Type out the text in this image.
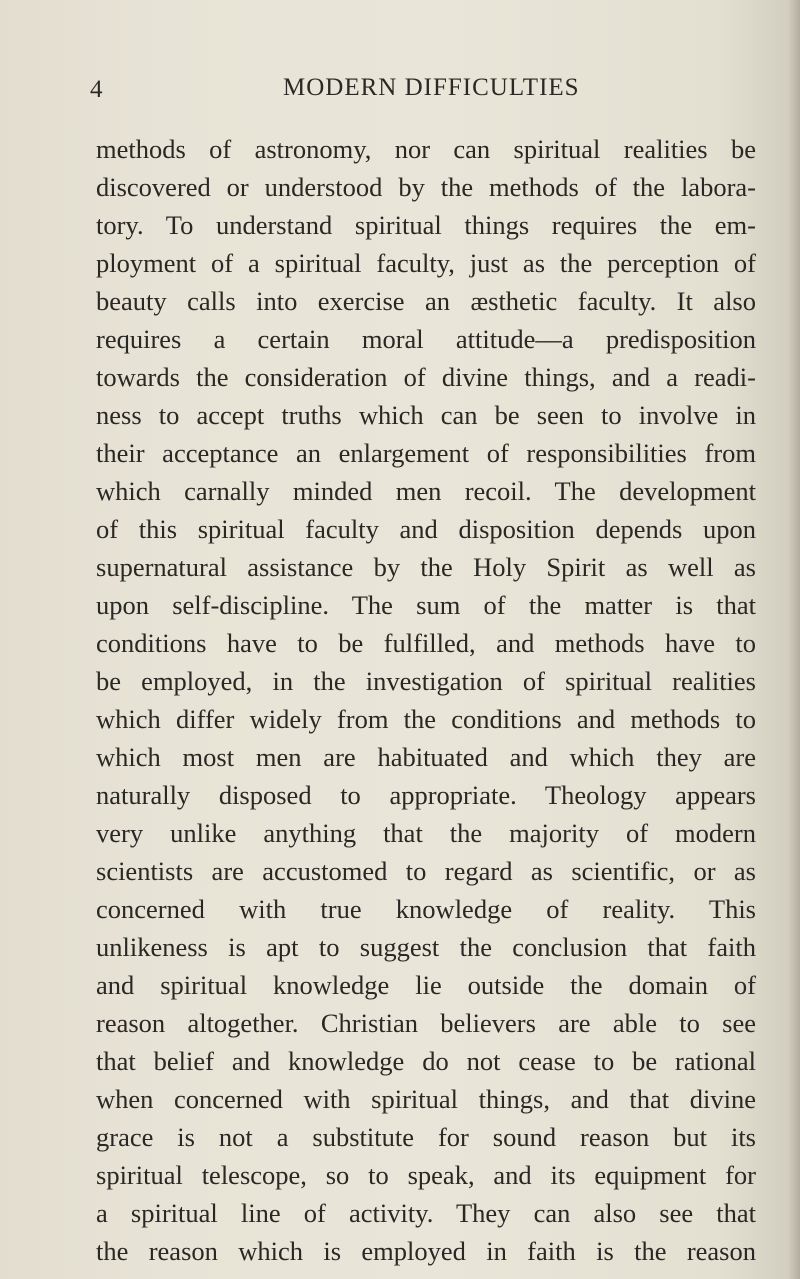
4	MODERN DIFFICULTIES
methods of astronomy, nor can spiritual realities be
discovered or understood by the methods of the labora-
tory. To understand spiritual things requires the em-
ployment of a spiritual faculty, just as the perception of
beauty calls into exercise an æsthetic faculty. It also
requires a certain moral attitude—a predisposition
towards the consideration of divine things, and a readi-
ness to accept truths which can be seen to involve in
their acceptance an enlargement of responsibilities from
which carnally minded men recoil. The development
of this spiritual faculty and disposition depends upon
supernatural assistance by the Holy Spirit as well as
upon self-discipline. The sum of the matter is that
conditions have to be fulfilled, and methods have to
be employed, in the investigation of spiritual realities
which differ widely from the conditions and methods to
which most men are habituated and which they are
naturally disposed to appropriate. Theology appears
very unlike anything that the majority of modern
scientists are accustomed to regard as scientific, or as
concerned with true knowledge of reality. This
unlikeness is apt to suggest the conclusion that faith
and spiritual knowledge lie outside the domain of
reason altogether. Christian believers are able to see
that belief and knowledge do not cease to be rational
when concerned with spiritual things, and that divine
grace is not a substitute for sound reason but its
spiritual telescope, so to speak, and its equipment for
a spiritual line of activity. They can also see that
the reason which is employed in faith is the reason
